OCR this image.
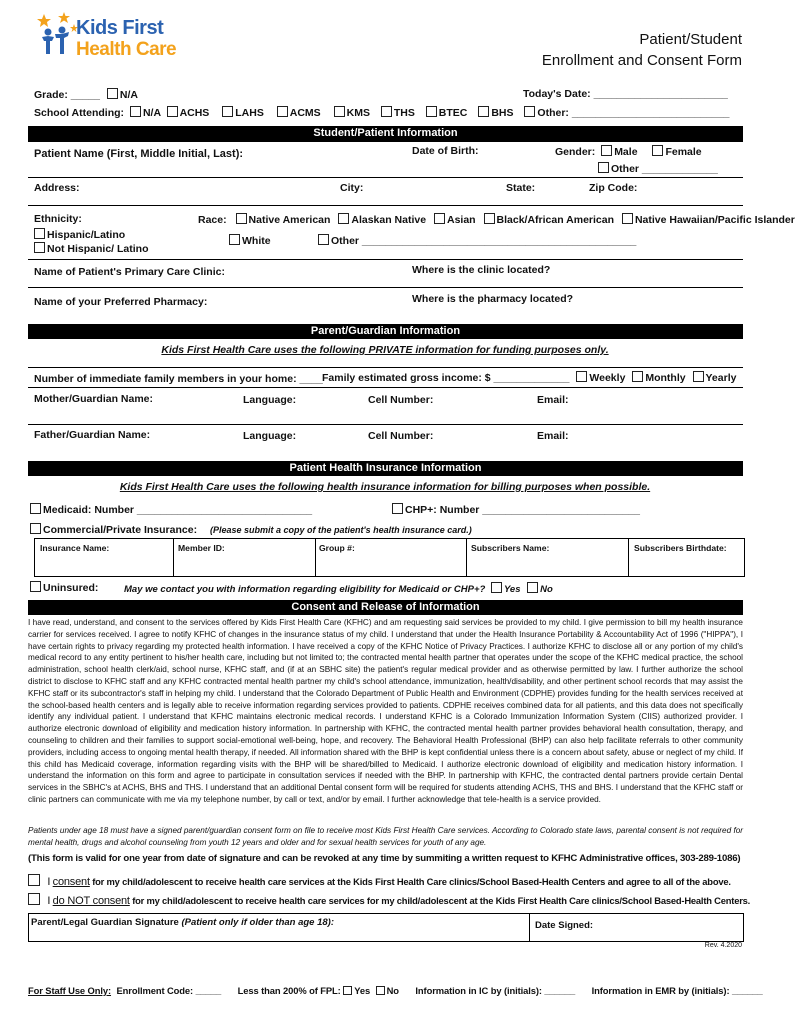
Kids First
Health Care	Patient/Student
Enrollment and Consent Form
Grade: _____ N/A	Today's Date: _______________________
School Attending: N/A ACHS LAHS ACMS KMS THS BTEC BHS Other: ___________________________
Student/Patient Information
Patient Name (First, Middle Initial, Last):	Date of Birth:	Gender: Male	Female
Other _____________
Address:	City:	State:	Zip Code:
Ethnicity:
Hispanic/Latino
Not Hispanic/ Latino
Race: Native American Alaskan Native Asian Black/African American Native Hawaiian/Pacific Islander
White	Other _______________________________________________
Name of Patient's Primary Care Clinic:	Where is the clinic located?
Name of your Preferred Pharmacy:	Where is the pharmacy located?
Parent/Guardian Information
Kids First Health Care uses the following PRIVATE information for funding purposes only.
Number of immediate family members in your home: ____ Family estimated gross income: $ _____________ Weekly Monthly Yearly
Mother/Guardian Name:	Language:	Cell Number:	Email:
Father/Guardian Name:	Language:	Cell Number:	Email:
Patient Health Insurance Information
Kids First Health Care uses the following health insurance information for billing purposes when possible.
Medicaid: Number ______________________________	CHP+: Number ___________________________
Commercial/Private Insurance: (Please submit a copy of the patient's health insurance card.)
Insurance Name:	Member ID:	Group #:	Subscribers Name:	Subscribers Birthdate:
Uninsured:	May we contact you with information regarding eligibility for Medicaid or CHP+? Yes No
Consent and Release of Information
I have read, understand, and consent to the services offered by Kids First Health Care (KFHC) and am requesting said services be provided to my child. I give permission to bill my health insurance carrier for services received. I agree to notify KFHC of changes in the insurance status of my child. I understand that under the Health Insurance Portability & Accountability Act of 1996 ("HIPPA"), I have certain rights to privacy regarding my protected health information. I have received a copy of the KFHC Notice of Privacy Practices. I authorize KFHC to disclose all or any portion of my child's medical record to any entity pertinent to his/her health care, including but not limited to; the contracted mental health partner that operates under the scope of the KFHC medical practice, the school administration, school health clerk/aid, school nurse, KFHC staff, and (if at an SBHC site) the patient's regular medical provider and as otherwise permitted by law. I further authorize the school district to disclose to KFHC staff and any KFHC contracted mental health partner my child's school attendance, immunization, health/disability, and other pertinent school records that may assist the KFHC staff or its subcontractor's staff in helping my child. I understand that the Colorado Department of Public Health and Environment (CDPHE) provides funding for the health services received at the school-based health centers and is legally able to receive information regarding services provided to patients. CDPHE receives combined data for all patients, and this data does not specifically identify any individual patient. I understand that KFHC maintains electronic medical records. I understand KFHC is a Colorado Immunization Information System (CIIS) authorized provider. I authorize electronic download of eligibility and medication history information. In partnership with KFHC, the contracted mental health partner provides behavioral health consultation, therapy, and counseling to children and their families to support social-emotional well-being, hope, and recovery. The Behavioral Health Professional (BHP) can also help facilitate referrals to other community providers, including access to ongoing mental health therapy, if needed. All information shared with the BHP is kept confidential unless there is a concern about safety, abuse or neglect of my child. If this child has Medicaid coverage, information regarding visits with the BHP will be shared/billed to Medicaid. I authorize electronic download of eligibility and medication history information. I understand the information on this form and agree to participate in consultation services if needed with the BHP. In partnership with KFHC, the contracted dental partners provide certain Dental services in the SBHC's at ACHS, BHS and THS. I understand that an additional Dental consent form will be required for students attending ACHS, THS and BHS. I understand that the KFHC staff or clinic partners can communicate with me via my telephone number, by call or text, and/or by email. I further acknowledge that tele-health is a service provided.
Patients under age 18 must have a signed parent/guardian consent form on file to receive most Kids First Health Care services. According to Colorado state laws, parental consent is not required for mental health, drugs and alcohol counseling from youth 12 years and older and for sexual health services for youth of any age.
(This form is valid for one year from date of signature and can be revoked at any time by summiting a written request to KFHC Administrative offices, 303-289-1086)
I consent for my child/adolescent to receive health care services at the Kids First Health Care clinics/School Based-Health Centers and agree to all of the above.
I do NOT consent for my child/adolescent to receive health care services for my child/adolescent at the Kids First Health Care clinics/School Based-Health Centers.
Parent/Legal Guardian Signature (Patient only if older than age 18):	Date Signed:
Rev. 4.2020
For Staff Use Only: Enrollment Code: _____ Less than 200% of FPL: Yes No Information in IC by (initials): ______ Information in EMR by (initials): ______
